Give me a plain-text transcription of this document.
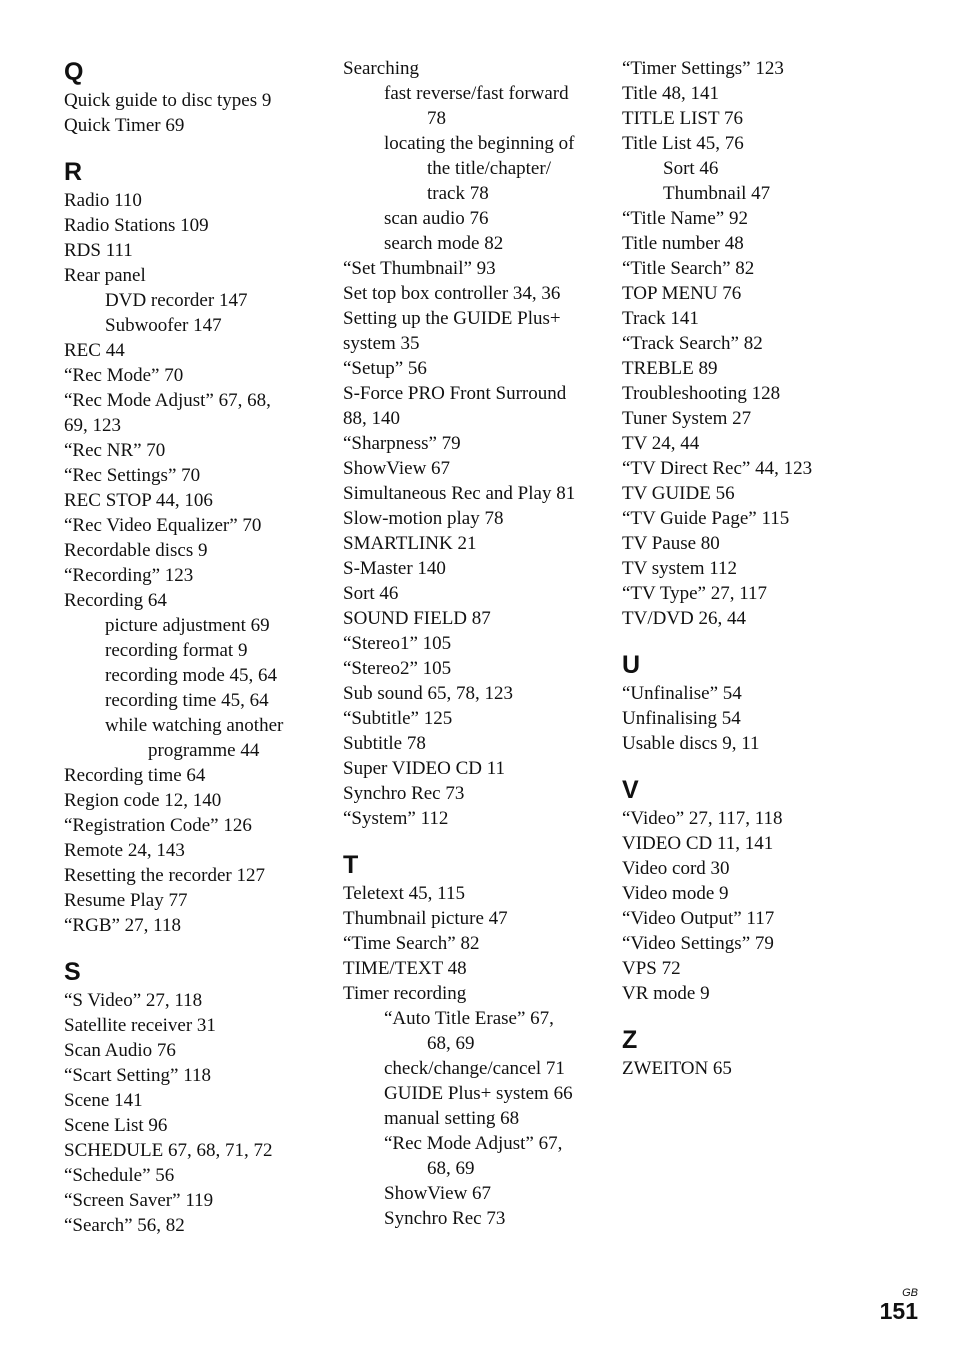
Q
Quick guide to disc types 9
Quick Timer 69
R
Radio 110
Radio Stations 109
RDS 111
Rear panel
DVD recorder 147
Subwoofer 147
REC 44
“Rec Mode” 70
“Rec Mode Adjust” 67, 68,
69, 123
“Rec NR” 70
“Rec Settings” 70
REC STOP 44, 106
“Rec Video Equalizer” 70
Recordable discs 9
“Recording” 123
Recording 64
picture adjustment 69
recording format 9
recording mode 45, 64
recording time 45, 64
while watching another
programme 44
Recording time 64
Region code 12, 140
“Registration Code” 126
Remote 24, 143
Resetting the recorder 127
Resume Play 77
“RGB” 27, 118
S
“S Video” 27, 118
Satellite receiver 31
Scan Audio 76
“Scart Setting” 118
Scene 141
Scene List 96
SCHEDULE 67, 68, 71, 72
“Schedule” 56
“Screen Saver” 119
“Search” 56, 82
Searching
fast reverse/fast forward
78
locating the beginning of
the title/chapter/
track 78
scan audio 76
search mode 82
“Set Thumbnail” 93
Set top box controller 34, 36
Setting up the GUIDE Plus+
system 35
“Setup” 56
S-Force PRO Front Surround
88, 140
“Sharpness” 79
ShowView 67
Simultaneous Rec and Play 81
Slow-motion play 78
SMARTLINK 21
S-Master 140
Sort 46
SOUND FIELD 87
“Stereo1” 105
“Stereo2” 105
Sub sound 65, 78, 123
“Subtitle” 125
Subtitle 78
Super VIDEO CD 11
Synchro Rec 73
“System” 112
T
Teletext 45, 115
Thumbnail picture 47
“Time Search” 82
TIME/TEXT 48
Timer recording
“Auto Title Erase” 67,
68, 69
check/change/cancel 71
GUIDE Plus+ system 66
manual setting 68
“Rec Mode Adjust” 67,
68, 69
ShowView 67
Synchro Rec 73
“Timer Settings” 123
Title 48, 141
TITLE LIST 76
Title List 45, 76
Sort 46
Thumbnail 47
“Title Name” 92
Title number 48
“Title Search” 82
TOP MENU 76
Track 141
“Track Search” 82
TREBLE 89
Troubleshooting 128
Tuner System 27
TV 24, 44
“TV Direct Rec” 44, 123
TV GUIDE 56
“TV Guide Page” 115
TV Pause 80
TV system 112
“TV Type” 27, 117
TV/DVD 26, 44
U
“Unfinalise” 54
Unfinalising 54
Usable discs 9, 11
V
“Video” 27, 117, 118
VIDEO CD 11, 141
Video cord 30
Video mode 9
“Video Output” 117
“Video Settings” 79
VPS 72
VR mode 9
Z
ZWEITON 65
GB
151
